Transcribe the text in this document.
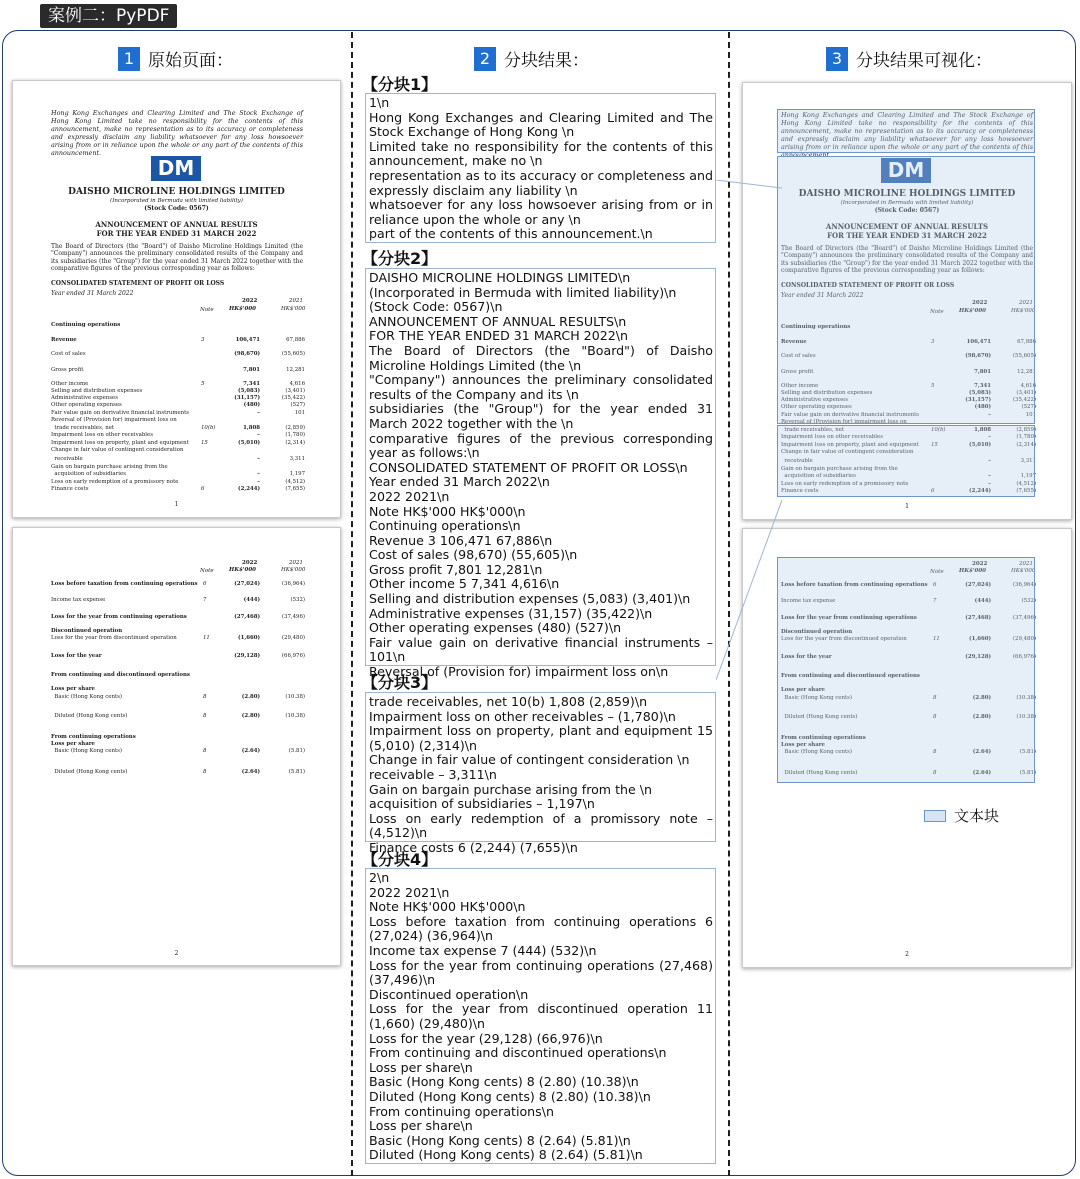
案例二：PyPDF
1 原始页面：	2 分块结果：	3 分块结果可视化：
Hong Kong Exchanges and Clearing Limited and The Stock Exchange of Hong Kong Limited take no responsibility for the contents of this announcement, make no representation as to its accuracy or completeness and expressly disclaim any liability whatsoever for any loss howsoever arising from or in reliance upon the whole or any part of the contents of this announcement.
DM
DAISHO MICROLINE HOLDINGS LIMITED
(Incorporated in Bermuda with limited liability)
(Stock Code: 0567)
ANNOUNCEMENT OF ANNUAL RESULTS
FOR THE YEAR ENDED 31 MARCH 2022
The Board of Directors (the "Board") of Daisho Microline Holdings Limited (the "Company") announces the preliminary consolidated results of the Company and its subsidiaries (the "Group") for the year ended 31 March 2022 together with the comparative figures of the previous corresponding year as follows:
CONSOLIDATED STATEMENT OF PROFIT OR LOSS
Year ended 31 March 2022
Note
2022	2021
HK$'000	HK$'000
Continuing operations
Revenue	3	106,471	67,886
Cost of sales	(98,670)	(55,605)
Gross profit	7,801	12,281
Other income	5	7,341	4,616
Selling and distribution expenses	(5,083)	(3,401)
Administrative expenses	(31,157)	(35,422)
Other operating expenses	(480)	(527)
Fair value gain on derivative financial instruments	–	101
Reversal of (Provision for) impairment loss on
trade receivables, net	10(b)	1,808	(2,859)
Impairment loss on other receivables	–	(1,780)
Impairment loss on property, plant and equipment 15	(5,010)	(2,314)
Change in fair value of contingent consideration
receivable	–	3,311
Gain on bargain purchase arising from the
acquisition of subsidiaries	–	1,197
Loss on early redemption of a promissory note	–	(4,512)
Finance costs	6	(2,244)	(7,655)
1
Note
2022	2021
HK$'000	HK$'000
Loss before taxation from continuing operations 6	(27,024)	(36,964)
Income tax expense	7	(444)	(532)
Loss for the year from continuing operations	(27,468)	(37,496)
Discontinued operation
Loss for the year from discontinued operation	11	(1,660)	(29,480)
Loss for the year	(29,128)	(66,976)
From continuing and discontinued operations
Loss per share
Basic (Hong Kong cents)	8	(2.80)	(10.38)
Diluted (Hong Kong cents)	8	(2.80)	(10.38)
From continuing operations
Loss per share
Basic (Hong Kong cents)	8	(2.64)	(5.81)
Diluted (Hong Kong cents)	8	(2.64)	(5.81)
2
【分块1】
1\n
Hong Kong Exchanges and Clearing Limited and The Stock Exchange of Hong Kong \n
Limited take no responsibility for the contents of this announcement, make no \n
representation as to its accuracy or completeness and expressly disclaim any liability \n
whatsoever for any loss howsoever arising from or in reliance upon the whole or any \n
part of the contents of this announcement.\n
【分块2】
DAISHO MICROLINE HOLDINGS LIMITED\n
(Incorporated in Bermuda with limited liability)\n
(Stock Code: 0567)\n
ANNOUNCEMENT OF ANNUAL RESULTS\n
FOR THE YEAR ENDED 31 MARCH 2022\n
The Board of Directors (the "Board") of Daisho Microline Holdings Limited (the \n
"Company") announces the preliminary consolidated results of the Company and its \n
subsidiaries (the "Group") for the year ended 31 March 2022 together with the \n
comparative figures of the previous corresponding year as follows:\n
CONSOLIDATED STATEMENT OF PROFIT OR LOSS\n
Year ended 31 March 2022\n
2022 2021\n
Note HK$'000 HK$'000\n
Continuing operations\n
Revenue 3 106,471 67,886\n
Cost of sales (98,670) (55,605)\n
Gross profit 7,801 12,281\n
Other income 5 7,341 4,616\n
Selling and distribution expenses (5,083) (3,401)\n
Administrative expenses (31,157) (35,422)\n
Other operating expenses (480) (527)\n
Fair value gain on derivative financial instruments – 101\n
Reversal of (Provision for) impairment loss on\n
【分块3】
trade receivables, net 10(b) 1,808 (2,859)\n
Impairment loss on other receivables – (1,780)\n
Impairment loss on property, plant and equipment 15 (5,010) (2,314)\n
Change in fair value of contingent consideration \n
receivable – 3,311\n
Gain on bargain purchase arising from the \n
acquisition of subsidiaries – 1,197\n
Loss on early redemption of a promissory note – (4,512)\n
Finance costs 6 (2,244) (7,655)\n
【分块4】
2\n
2022 2021\n
Note HK$'000 HK$'000\n
Loss before taxation from continuing operations 6 (27,024) (36,964)\n
Income tax expense 7 (444) (532)\n
Loss for the year from continuing operations (27,468) (37,496)\n
Discontinued operation\n
Loss for the year from discontinued operation 11 (1,660) (29,480)\n
Loss for the year (29,128) (66,976)\n
From continuing and discontinued operations\n
Loss per share\n
Basic (Hong Kong cents) 8 (2.80) (10.38)\n
Diluted (Hong Kong cents) 8 (2.80) (10.38)\n
From continuing operations\n
Loss per share\n
Basic (Hong Kong cents) 8 (2.64) (5.81)\n
Diluted (Hong Kong cents) 8 (2.64) (5.81)\n
Hong Kong Exchanges and Clearing Limited and The Stock Exchange of Hong Kong Limited take no responsibility for the contents of this announcement, make no representation as to its accuracy or completeness and expressly disclaim any liability whatsoever for any loss howsoever arising from or in reliance upon the whole or any part of the contents of this announcement.
DM
DAISHO MICROLINE HOLDINGS LIMITED
(Incorporated in Bermuda with limited liability)
(Stock Code: 0567)
ANNOUNCEMENT OF ANNUAL RESULTS
FOR THE YEAR ENDED 31 MARCH 2022
The Board of Directors (the "Board") of Daisho Microline Holdings Limited (the "Company") announces the preliminary consolidated results of the Company and its subsidiaries (the "Group") for the year ended 31 March 2022 together with the comparative figures of the previous corresponding year as follows:
CONSOLIDATED STATEMENT OF PROFIT OR LOSS
Year ended 31 March 2022
Note
2022	2021
HK$'000	HK$'000
Continuing operations
Revenue	3	106,471	67,886
Cost of sales	(98,670)	(55,605)
Gross profit	7,801	12,281
Other income	5	7,341	4,616
Selling and distribution expenses	(5,083)	(3,401)
Administrative expenses	(31,157)	(35,422)
Other operating expenses	(480)	(527)
Fair value gain on derivative financial instruments	–	101
Reversal of (Provision for) impairment loss on
trade receivables, net	10(b)	1,808	(2,859)
Impairment loss on other receivables	–	(1,780)
Impairment loss on property, plant and equipment 15	(5,010)	(2,314)
Change in fair value of contingent consideration
receivable	–	3,311
Gain on bargain purchase arising from the
acquisition of subsidiaries	–	1,197
Loss on early redemption of a promissory note	–	(4,512)
Finance costs	6	(2,244)	(7,655)
1
Note
2022	2021
HK$'000	HK$'000
Loss before taxation from continuing operations 6	(27,024)	(36,964)
Income tax expense	7	(444)	(532)
Loss for the year from continuing operations	(27,468)	(37,496)
Discontinued operation
Loss for the year from discontinued operation	11	(1,660)	(29,480)
Loss for the year	(29,128)	(66,976)
From continuing and discontinued operations
Loss per share
Basic (Hong Kong cents)	8	(2.80)	(10.38)
Diluted (Hong Kong cents)	8	(2.80)	(10.38)
From continuing operations
Loss per share
Basic (Hong Kong cents)	8	(2.64)	(5.81)
Diluted (Hong Kong cents)	8	(2.64)	(5.81)
2
文本块
